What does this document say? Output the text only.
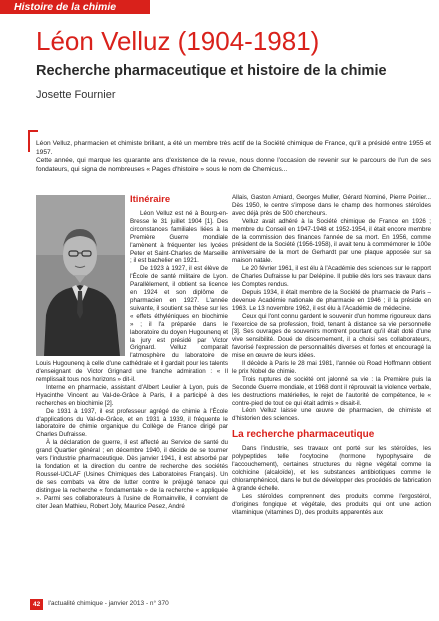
Histoire de la chimie
Léon Velluz (1904-1981)
Recherche pharmaceutique et histoire de la chimie
Josette Fournier

Léon Velluz, pharmacien et chimiste brillant, a été un membre très actif de la Société chimique de France, qu'il a présidé entre 1955 et 1957.

Cette année, qui marque les quarante ans d'existence de la revue, nous donne l'occasion de revenir sur le parcours de l'un de ses fondateurs, qui signa de nombreuses « Pages d'histoire » sous le nom de Chemicus...

Itinéraire

Léon Velluz est né à Bourg-en-Bresse le 31 juillet 1904 [1]. Des circonstances familiales liées à la Première Guerre mondiale l'amènent à fréquenter les lycées Peter et Saint-Charles de Marseille ; il est bachelier en 1921.

De 1923 à 1927, il est élève de l'École de santé militaire de Lyon. Parallèlement, il obtient sa licence en 1924 et son diplôme de pharmacien en 1927. L'année suivante, il soutient sa thèse sur les « effets éthyléniques en biochimie » ; il l'a préparée dans le laboratoire du doyen Hugounenq et la jury est présidé par Victor Grignard. Velluz comparait l'atmosphère du laboratoire de Louis Hugounenq à celle d'une cathédrale et il gardait pour les talents d'enseignant de Victor Grignard une franche admiration : « Il remplissait tous nos horizons » dit-il.

Interne en pharmacie, assistant d'Albert Leulier à Lyon, puis de Hyacinthe Vincent au Val-de-Grâce à Paris, il a participé à des recherches en biochimie [2].

De 1931 à 1937, il est professeur agrégé de chimie à l'École d'applications du Val-de-Grâce, et en 1931 à 1939, il fréquente le laboratoire de chimie organique du Collège de France dirigé par Charles Dufraisse.

À la déclaration de guerre, il est affecté au Service de santé du grand Quartier général ; en décembre 1940, il décide de se tourner vers l'industrie pharmaceutique. Dès janvier 1941, il est absorbé par la fondation et la direction du centre de recherche des sociétés Roussel-UCLAF (Usines Chimiques des Laboratoires Français). Un de ses combats va être de lutter contre le préjugé tenace qui distingue la recherche « fondamentale » de la recherche « appliquée ». Parmi ses collaborateurs à l'usine de Romainville, il convient de citer Jean Mathieu, Robert Joly, Maurice Pesez, André

Allais, Gaston Amiard, Georges Muller, Gérard Nominé, Pierre Poirier... Dès 1950, le centre s'impose dans le champ des hormones stéroïdes avec déjà près de 500 chercheurs.

Velluz avait adhéré à la Société chimique de France en 1926 ; membre du Conseil en 1947-1948 et 1952-1954, il était encore membre de la commission des finances l'année de sa mort. En 1956, comme président de la Société (1956-1958), il avait tenu à commémorer le 100e anniversaire de la mort de Gerhardt par une plaque apposée sur sa maison natale.

Le 20 février 1961, il est élu à l'Académie des sciences sur le rapport de Charles Dufraisse lu par Delépine. Il publie dès lors ses travaux dans les Comptes rendus.

Depuis 1934, il était membre de la Société de pharmacie de Paris – devenue Académie nationale de pharmacie en 1946 ; il la préside en 1963. Le 13 novembre 1962, il est élu à l'Académie de médecine.

Ceux qui l'ont connu gardent le souvenir d'un homme rigoureux dans l'exercice de sa profession, froid, tenant à distance sa vie personnelle [3]. Ses ouvrages de souvenirs montrent pourtant qu'il était doté d'une vive sensibilité. Doué de discernement, il a choisi ses collaborateurs, favorisé l'expression de personnalités diverses et fortes et encouragé la mise en œuvre de leurs idées.

Il décède à Paris le 28 mai 1981, l'année où Road Hoffmann obtient le prix Nobel de chimie.

Trois ruptures de société ont jalonné sa vie : la Première puis la Seconde Guerre mondiale, et 1968 dont il réprouvait la violence verbale, les destructions matérielles, le rejet de l'autorité de compétence, le « contre-pied de tout ce qui était admis » disait-il.

Léon Velluz laisse une œuvre de pharmacien, de chimiste et d'historien des sciences.

La recherche pharmaceutique

Dans l'industrie, ses travaux ont porté sur les stéroïdes, les polypeptides telle l'ocytocine (hormone hypophysaire de l'accouchement), certaines structures du règne végétal comme la colchicine (alcaloïde), et les substances antibiotiques comme le chloramphénicol, dans le but de développer des procédés de fabrication à grande échelle.

Les stéroïdes comprennent des produits comme l'ergostérol, d'origines fongique et végétale, des produits qui ont une action vitaminique (vitamines D), des produits apparentés aux

42	l'actualité chimique - janvier 2013 - n° 370
